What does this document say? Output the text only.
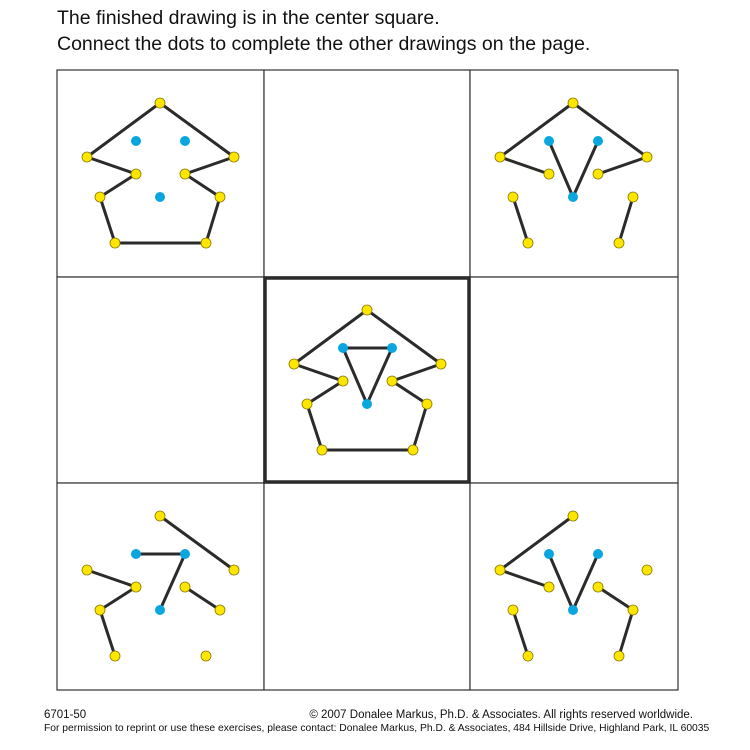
The finished drawing is in the center square.
Connect the dots to complete the other drawings on the page.
6701-50	© 2007 Donalee Markus, Ph.D. & Associates. All rights reserved worldwide.
For permission to reprint or use these exercises, please contact: Donalee Markus, Ph.D. & Associates, 484 Hillside Drive, Highland Park, IL 60035
